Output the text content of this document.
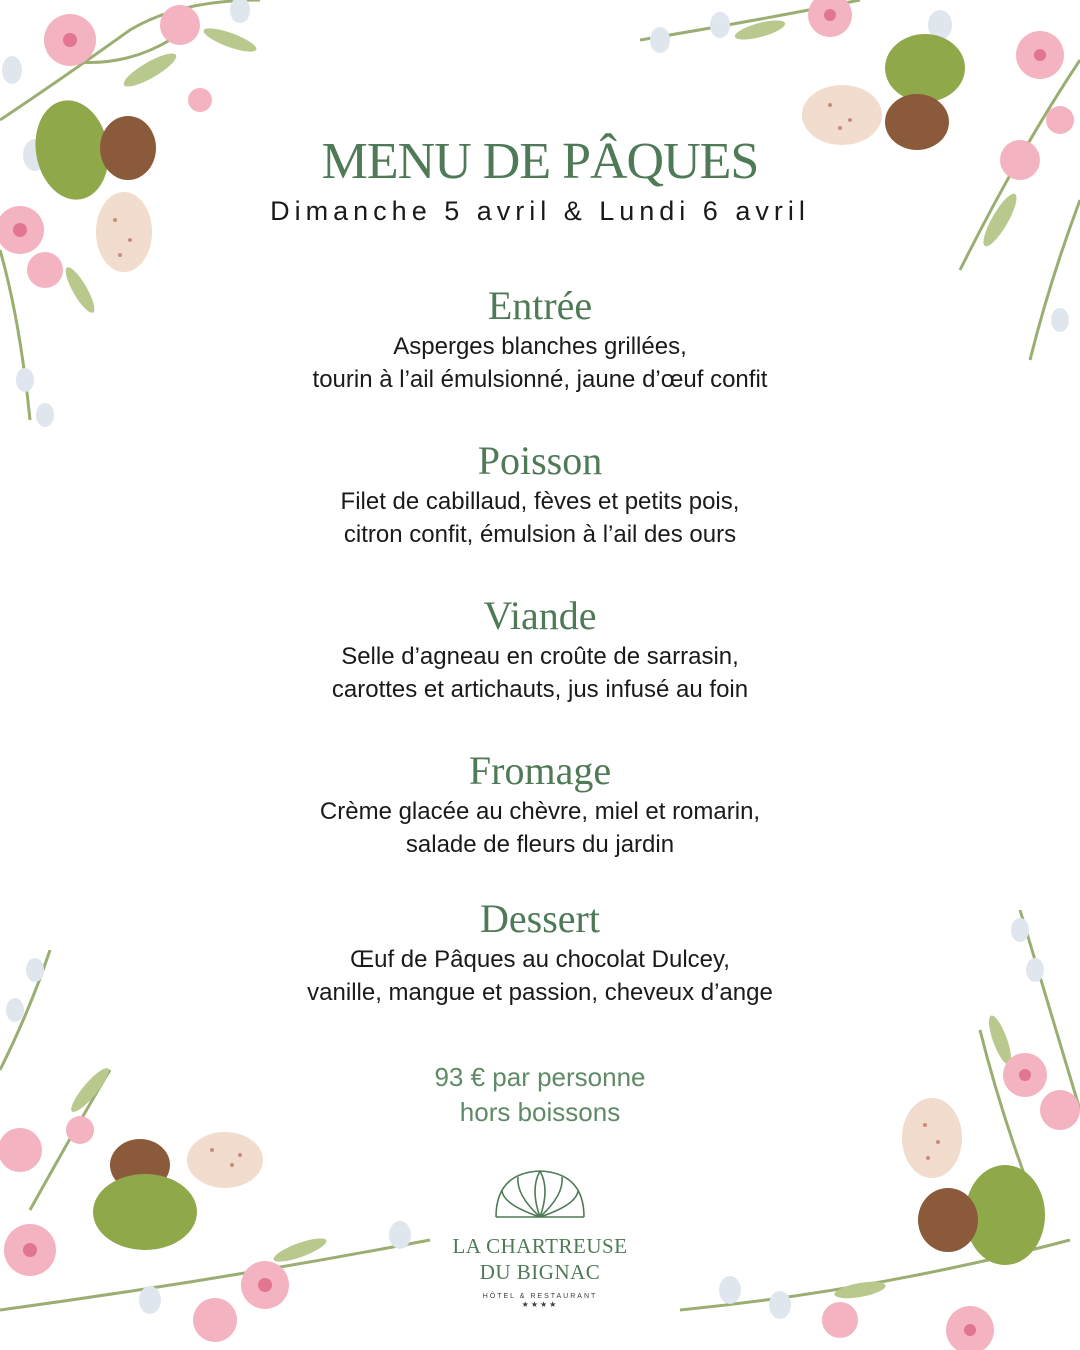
MENU DE PÂQUES
Dimanche 5 avril & Lundi 6 avril
Entrée
Asperges blanches grillées,
tourin à l’ail émulsionné, jaune d’œuf confit
Poisson
Filet de cabillaud, fèves et petits pois,
citron confit, émulsion à l’ail des ours
Viande
Selle d’agneau en croûte de sarrasin,
carottes et artichauts, jus infusé au foin
Fromage
Crème glacée au chèvre, miel et romarin,
salade de fleurs du jardin
Dessert
Œuf de Pâques au chocolat Dulcey,
vanille, mangue et passion, cheveux d’ange
93 € par personne
hors boissons
LA CHARTREUSE
DU BIGNAC
HÔTEL & RESTAURANT
★★★★
